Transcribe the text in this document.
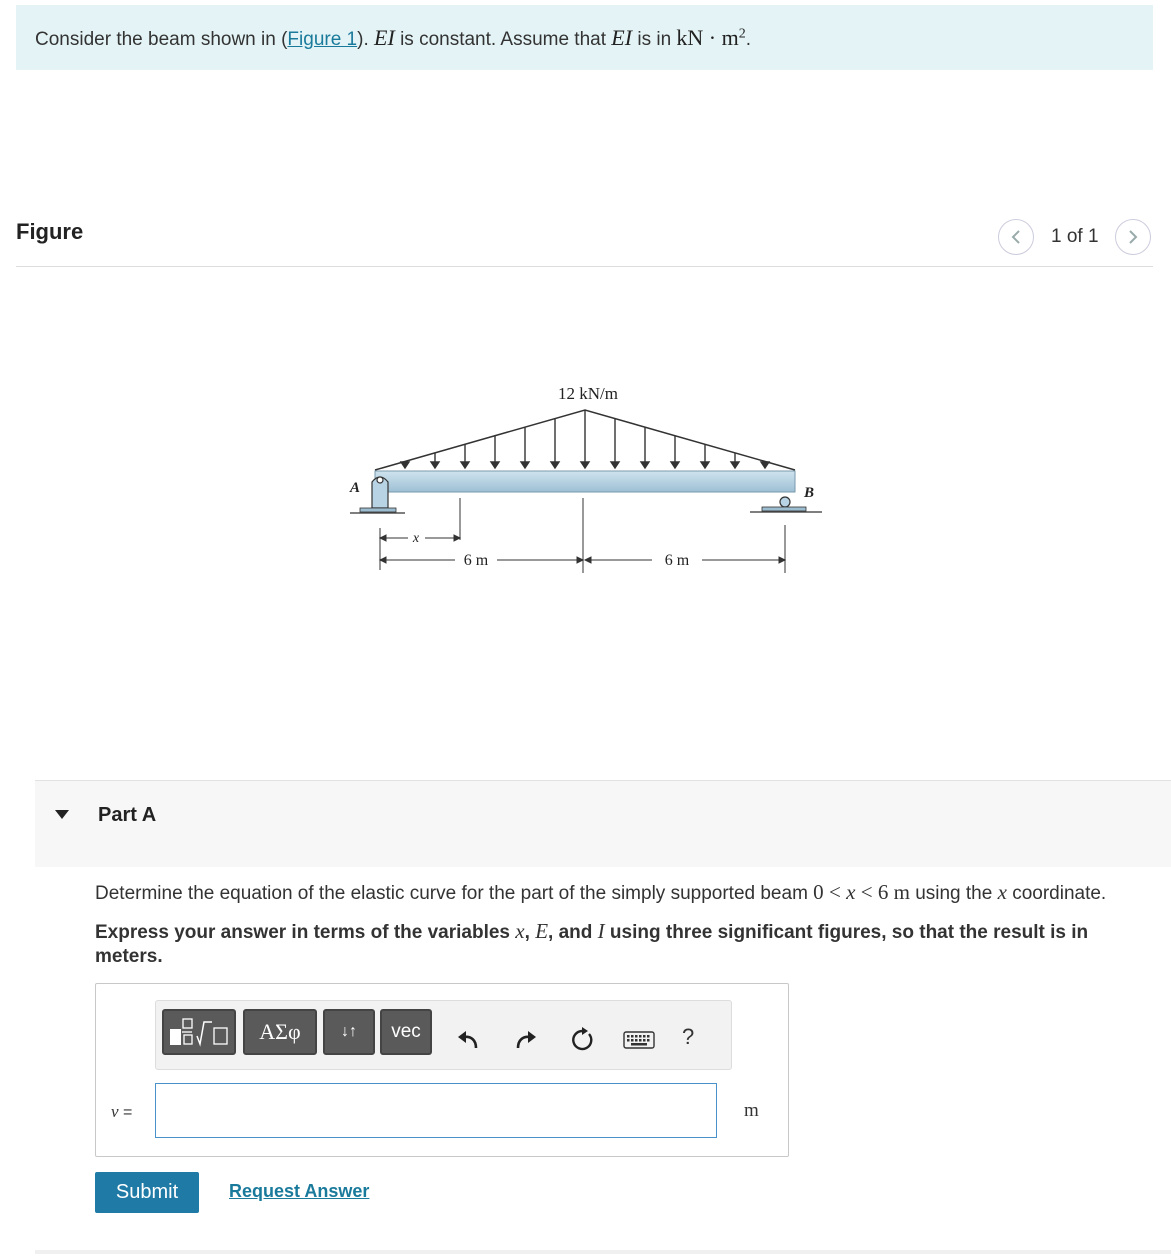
Consider the beam shown in (Figure 1). EI is constant. Assume that EI is in kN · $m^2$.
Figure	1 of 1
12 kN/m
A	B
x
6 m	6 m
Part A
Determine the equation of the elastic curve for the part of the simply supported beam 0 < x < 6 m using the x coordinate.
Express your answer in terms of the variables x, E, and I using three significant figures, so that the result is in meters.
ΑΣφ	↓↑	vec	?
v =	m
Submit	Request Answer
